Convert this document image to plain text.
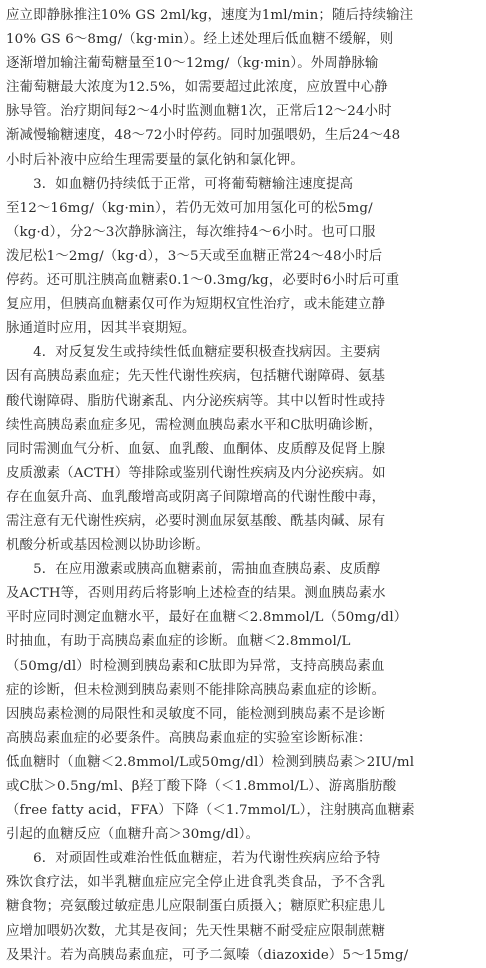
应立即静脉推注10% GS 2ml/kg，速度为1ml/min；随后持续输注
10% GS 6～8mg/（kg·min）。经上述处理后低血糖不缓解，则
逐渐增加输注葡萄糖量至10～12mg/（kg·min）。外周静脉输
注葡萄糖最大浓度为12.5%，如需要超过此浓度，应放置中心静
脉导管。治疗期间每2～4小时监测血糖1次，正常后12～24小时
渐减慢输糖速度，48～72小时停药。同时加强喂奶，生后24～48
小时后补液中应给生理需要量的氯化钠和氯化钾。
　　3．如血糖仍持续低于正常，可将葡萄糖输注速度提高
至12～16mg/（kg·min），若仍无效可加用氢化可的松5mg/
（kg·d），分2～3次静脉滴注，每次维持4～6小时。也可口服
泼尼松1～2mg/（kg·d），3～5天或至血糖正常24～48小时后
停药。还可肌注胰高血糖素0.1～0.3mg/kg，必要时6小时后可重
复应用，但胰高血糖素仅可作为短期权宜性治疗，或未能建立静
脉通道时应用，因其半衰期短。
　　4．对反复发生或持续性低血糖症要积极查找病因。主要病
因有高胰岛素血症；先天性代谢性疾病，包括糖代谢障碍、氨基
酸代谢障碍、脂肪代谢紊乱、内分泌疾病等。其中以暂时性或持
续性高胰岛素血症多见，需检测血胰岛素水平和C肽明确诊断，
同时需测血气分析、血氨、血乳酸、血酮体、皮质醇及促肾上腺
皮质激素（ACTH）等排除或鉴别代谢性疾病及内分泌疾病。如
存在血氨升高、血乳酸增高或阴离子间隙增高的代谢性酸中毒，
需注意有无代谢性疾病，必要时测血尿氨基酸、酰基肉碱、尿有
机酸分析或基因检测以协助诊断。
　　5．在应用激素或胰高血糖素前，需抽血查胰岛素、皮质醇
及ACTH等，否则用药后将影响上述检查的结果。测血胰岛素水
平时应同时测定血糖水平，最好在血糖＜2.8mmol/L（50mg/dl）
时抽血，有助于高胰岛素血症的诊断。血糖＜2.8mmol/L
（50mg/dl）时检测到胰岛素和C肽即为异常，支持高胰岛素血
症的诊断，但未检测到胰岛素则不能排除高胰岛素血症的诊断。
因胰岛素检测的局限性和灵敏度不同，能检测到胰岛素不是诊断
高胰岛素血症的必要条件。高胰岛素血症的实验室诊断标准：
低血糖时（血糖＜2.8mmol/L或50mg/dl）检测到胰岛素＞2IU/ml
或C肽＞0.5ng/ml、β羟丁酸下降（＜1.8mmol/L）、游离脂肪酸
（free fatty acid，FFA）下降（＜1.7mmol/L），注射胰高血糖素
引起的血糖反应（血糖升高＞30mg/dl）。
　　6．对顽固性或难治性低血糖症，若为代谢性疾病应给予特
殊饮食疗法，如半乳糖血症应完全停止进食乳类食品，予不含乳
糖食物；亮氨酸过敏症患儿应限制蛋白质摄入；糖原贮积症患儿
应增加喂奶次数，尤其是夜间；先天性果糖不耐受症应限制蔗糖
及果汁。若为高胰岛素血症，可予二氮嗪（diazoxide）5～15mg/
